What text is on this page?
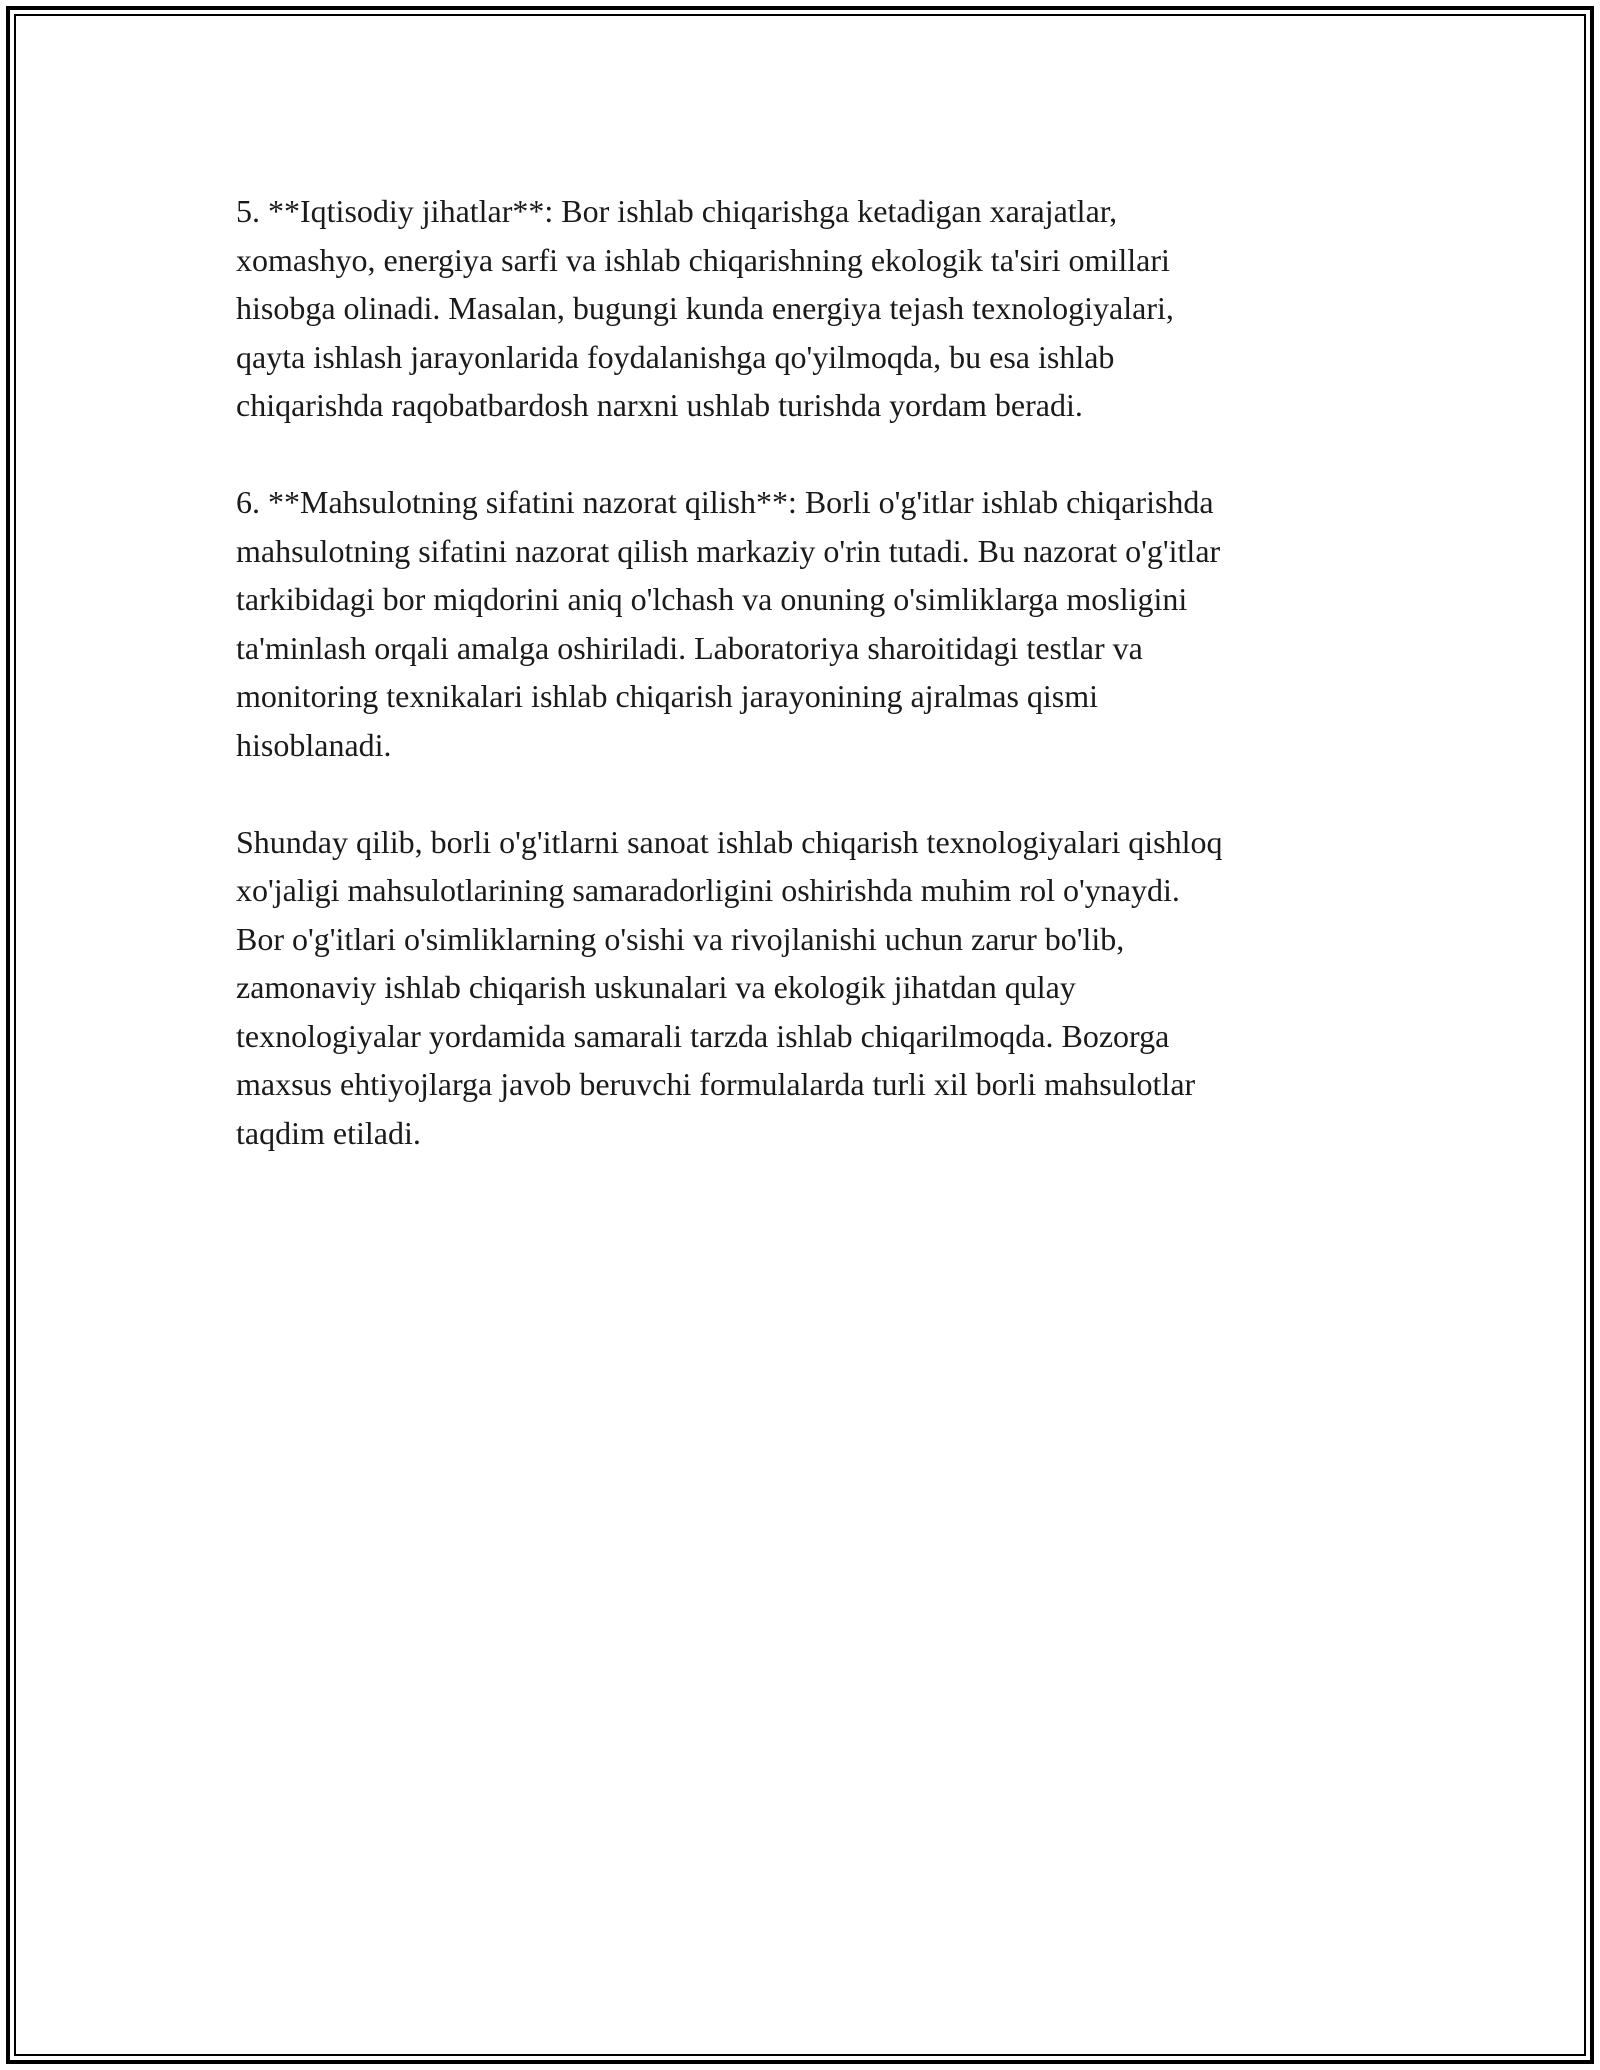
5. **Iqtisodiy jihatlar**: Bor ishlab chiqarishga ketadigan xarajatlar,
xomashyo, energiya sarfi va ishlab chiqarishning ekologik ta'siri omillari
hisobga olinadi. Masalan, bugungi kunda energiya tejash texnologiyalari,
qayta ishlash jarayonlarida foydalanishga qo'yilmoqda, bu esa ishlab
chiqarishda raqobatbardosh narxni ushlab turishda yordam beradi.

6. **Mahsulotning sifatini nazorat qilish**: Borli o'g'itlar ishlab chiqarishda
mahsulotning sifatini nazorat qilish markaziy o'rin tutadi. Bu nazorat o'g'itlar
tarkibidagi bor miqdorini aniq o'lchash va onuning o'simliklarga mosligini
ta'minlash orqali amalga oshiriladi. Laboratoriya sharoitidagi testlar va
monitoring texnikalari ishlab chiqarish jarayonining ajralmas qismi
hisoblanadi.

Shunday qilib, borli o'g'itlarni sanoat ishlab chiqarish texnologiyalari qishloq
xo'jaligi mahsulotlarining samaradorligini oshirishda muhim rol o'ynaydi.
Bor o'g'itlari o'simliklarning o'sishi va rivojlanishi uchun zarur bo'lib,
zamonaviy ishlab chiqarish uskunalari va ekologik jihatdan qulay
texnologiyalar yordamida samarali tarzda ishlab chiqarilmoqda. Bozorga
maxsus ehtiyojlarga javob beruvchi formulalarda turli xil borli mahsulotlar
taqdim etiladi.
